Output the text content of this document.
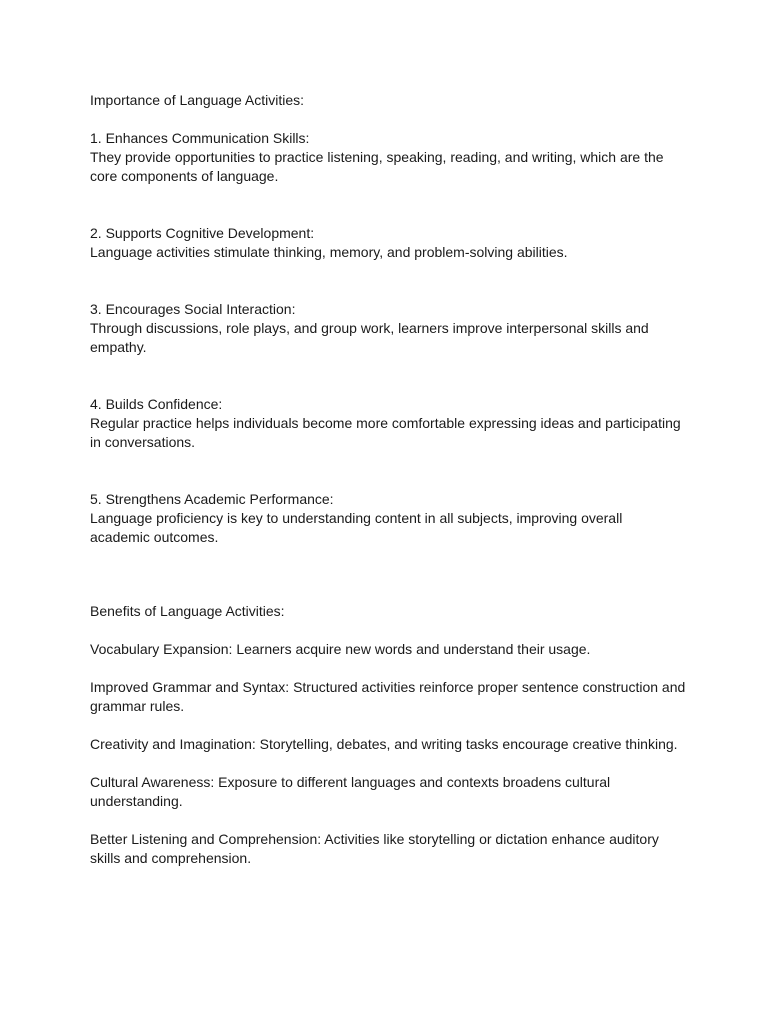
Importance of Language Activities:
1. Enhances Communication Skills:
They provide opportunities to practice listening, speaking, reading, and writing, which are the
core components of language.
2. Supports Cognitive Development:
Language activities stimulate thinking, memory, and problem-solving abilities.
3. Encourages Social Interaction:
Through discussions, role plays, and group work, learners improve interpersonal skills and
empathy.
4. Builds Confidence:
Regular practice helps individuals become more comfortable expressing ideas and participating
in conversations.
5. Strengthens Academic Performance:
Language proficiency is key to understanding content in all subjects, improving overall
academic outcomes.
Benefits of Language Activities:
Vocabulary Expansion: Learners acquire new words and understand their usage.
Improved Grammar and Syntax: Structured activities reinforce proper sentence construction and
grammar rules.
Creativity and Imagination: Storytelling, debates, and writing tasks encourage creative thinking.
Cultural Awareness: Exposure to different languages and contexts broadens cultural
understanding.
Better Listening and Comprehension: Activities like storytelling or dictation enhance auditory
skills and comprehension.
